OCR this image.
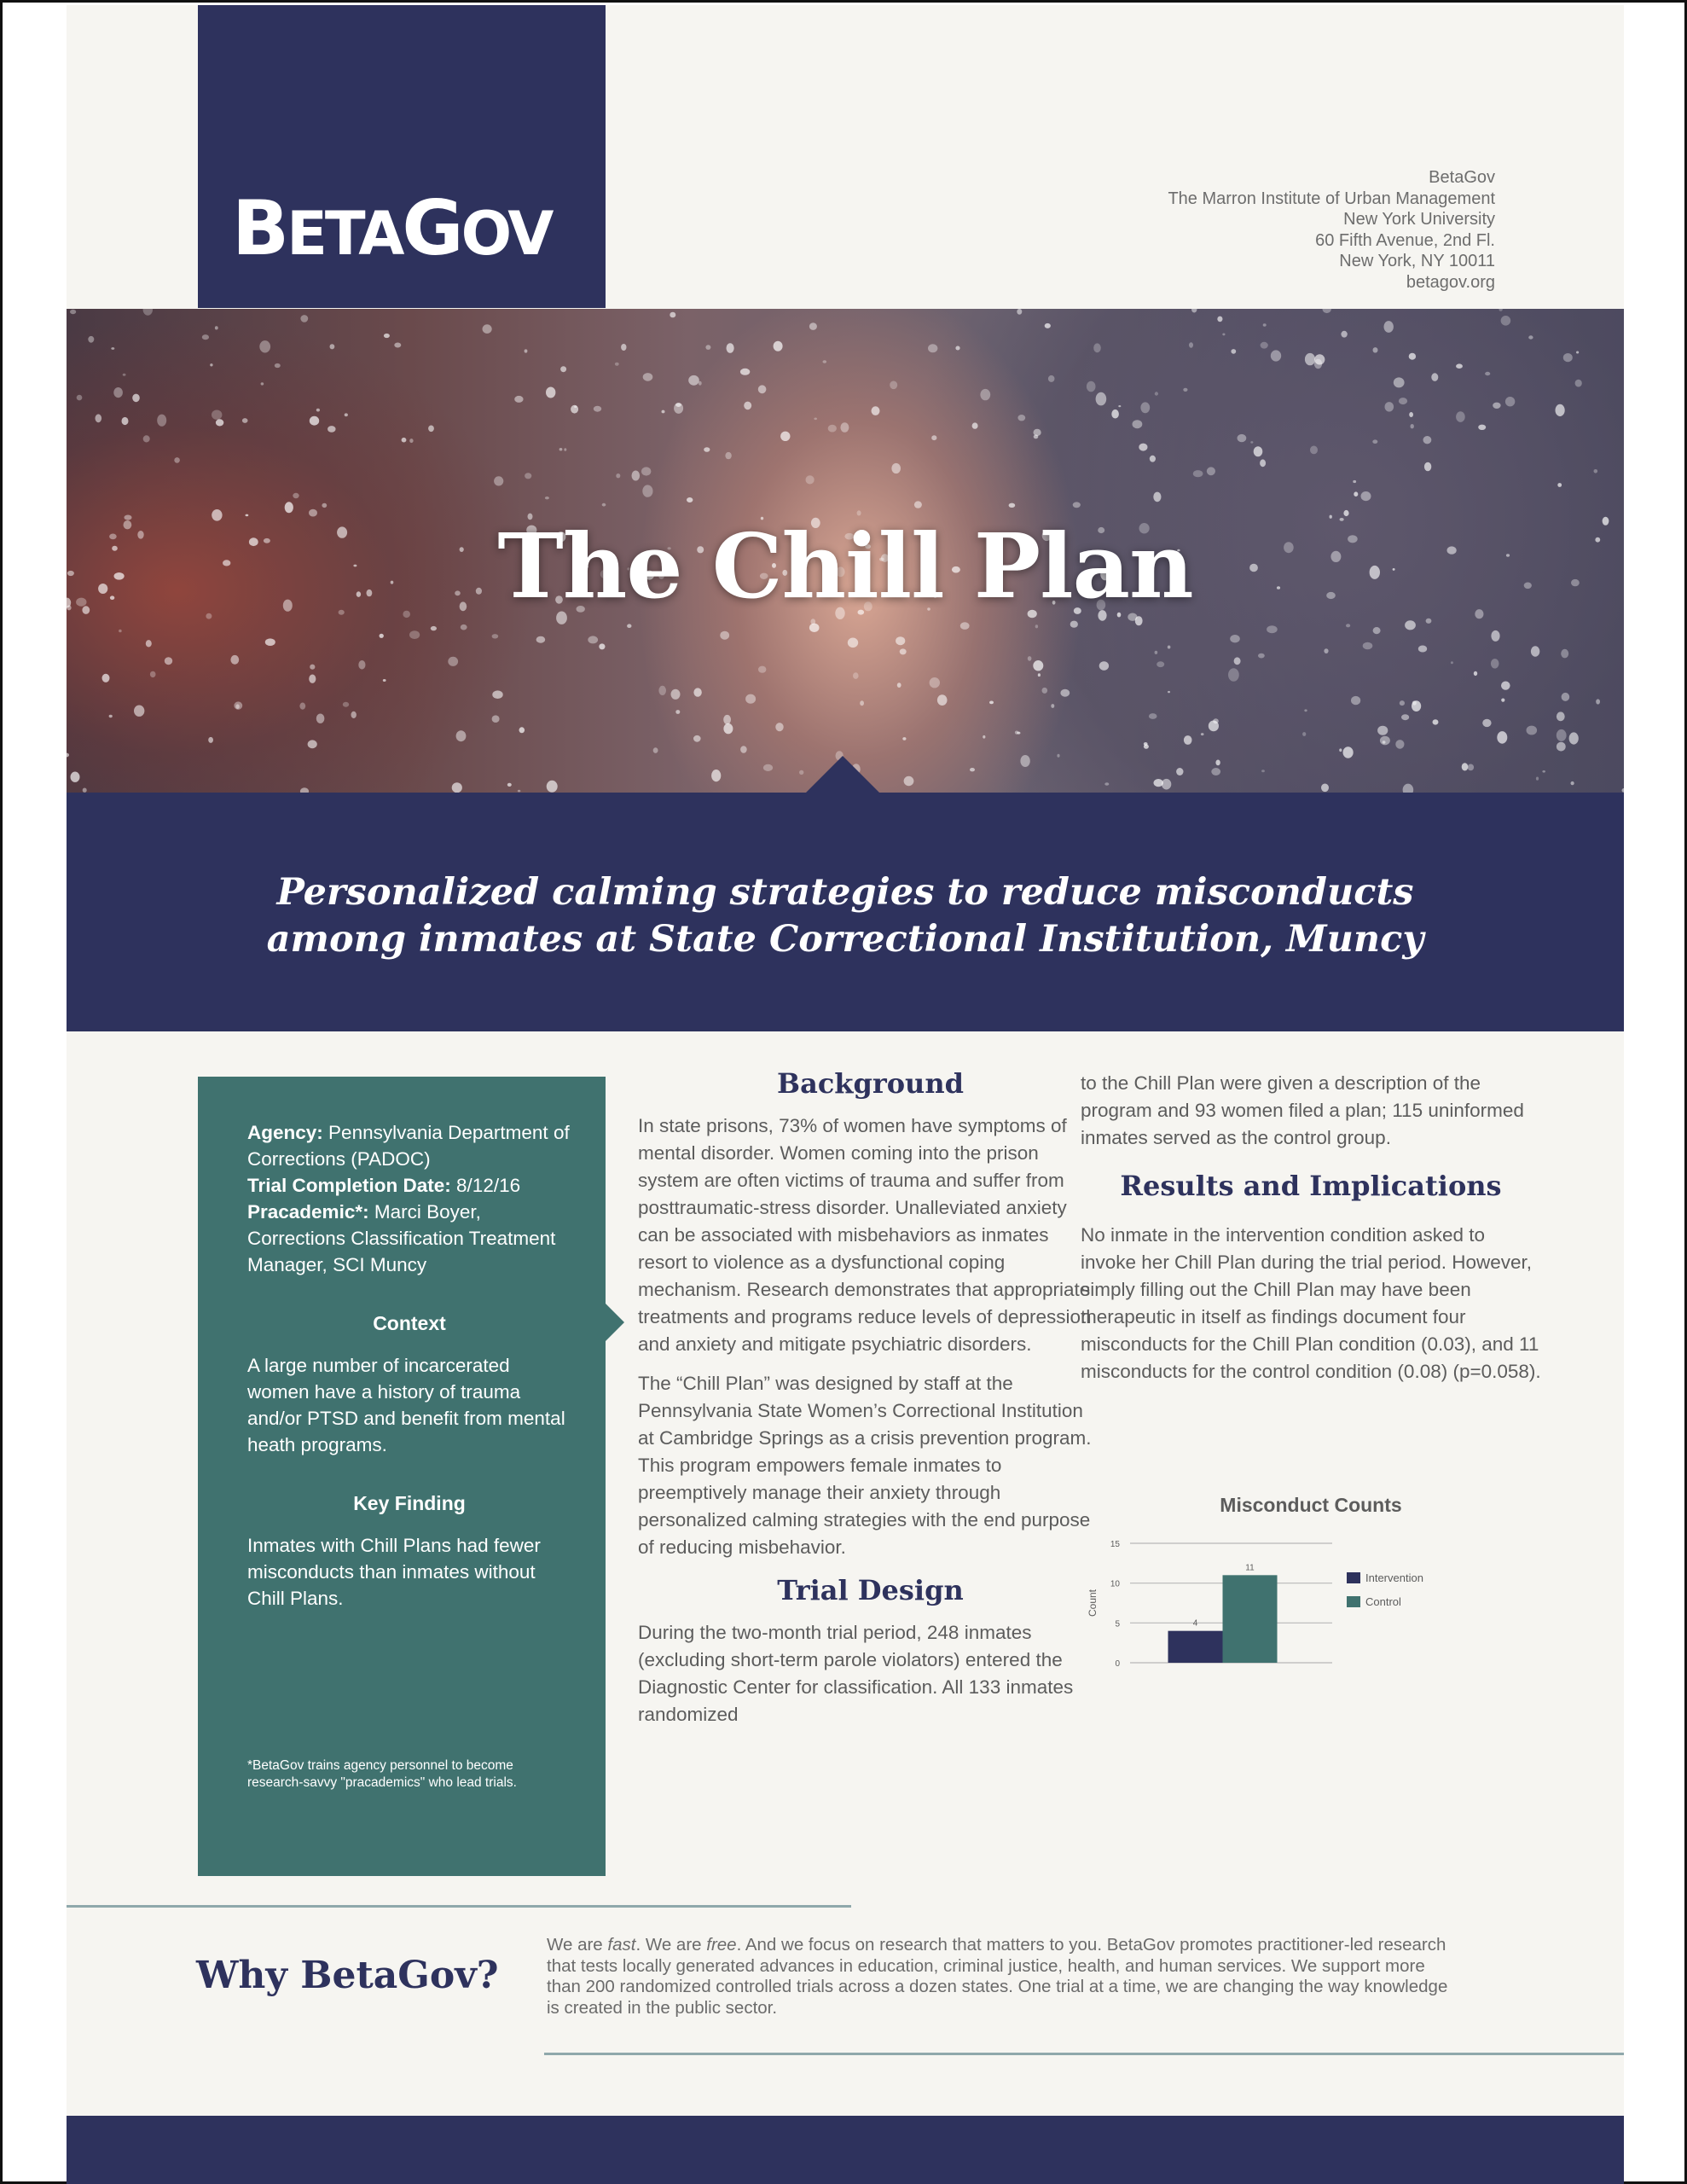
BETAGOV
BetaGov
The Marron Institute of Urban Management
New York University
60 Fifth Avenue, 2nd Fl.
New York, NY 10011
betagov.org
The Chill Plan
Personalized calming strategies to reduce misconducts
among inmates at State Correctional Institution, Muncy
Agency: Pennsylvania Department of Corrections (PADOC)
Trial Completion Date: 8/12/16
Pracademic*: Marci Boyer, Corrections Classification Treatment Manager, SCI Muncy
Context
A large number of incarcerated women have a history of trauma and/or PTSD and benefit from mental heath programs.
Key Finding
Inmates with Chill Plans had fewer misconducts than inmates without Chill Plans.
*BetaGov trains agency personnel to become research-savvy "pracademics" who lead trials.
Background

In state prisons, 73% of women have symptoms of mental disorder. Women coming into the prison system are often victims of trauma and suffer from posttraumatic-stress disorder. Unalleviated anxiety can be associated with misbehaviors as inmates resort to violence as a dysfunctional coping mechanism. Research demonstrates that appropriate treatments and programs reduce levels of depression and anxiety and mitigate psychiatric disorders.

The “Chill Plan” was designed by staff at the Pennsylvania State Women’s Correctional Institution at Cambridge Springs as a crisis prevention program. This program empowers female inmates to preemptively manage their anxiety through personalized calming strategies with the end purpose of reducing misbehavior.

Trial Design

During the two-month trial period, 248 inmates (excluding short-term parole violators) entered the Diagnostic Center for classification. All 133 inmates randomized

to the Chill Plan were given a description of the program and 93 women filed a plan; 115 uninformed inmates served as the control group.

Results and Implications

No inmate in the intervention condition asked to invoke her Chill Plan during the trial period. However, simply filling out the Chill Plan may have been therapeutic in itself as findings document four misconducts for the Chill Plan condition (0.03), and 11 misconducts for the control condition (0.08) (p=0.058).

Misconduct Counts
Count
0
5
10
15
4
11
Intervention
Control
Why BetaGov?
We are fast. We are free. And we focus on research that matters to you. BetaGov promotes practitioner-led research that tests locally generated advances in education, criminal justice, health, and human services. We support more than 200 randomized controlled trials across a dozen states. One trial at a time, we are changing the way knowledge is created in the public sector.
